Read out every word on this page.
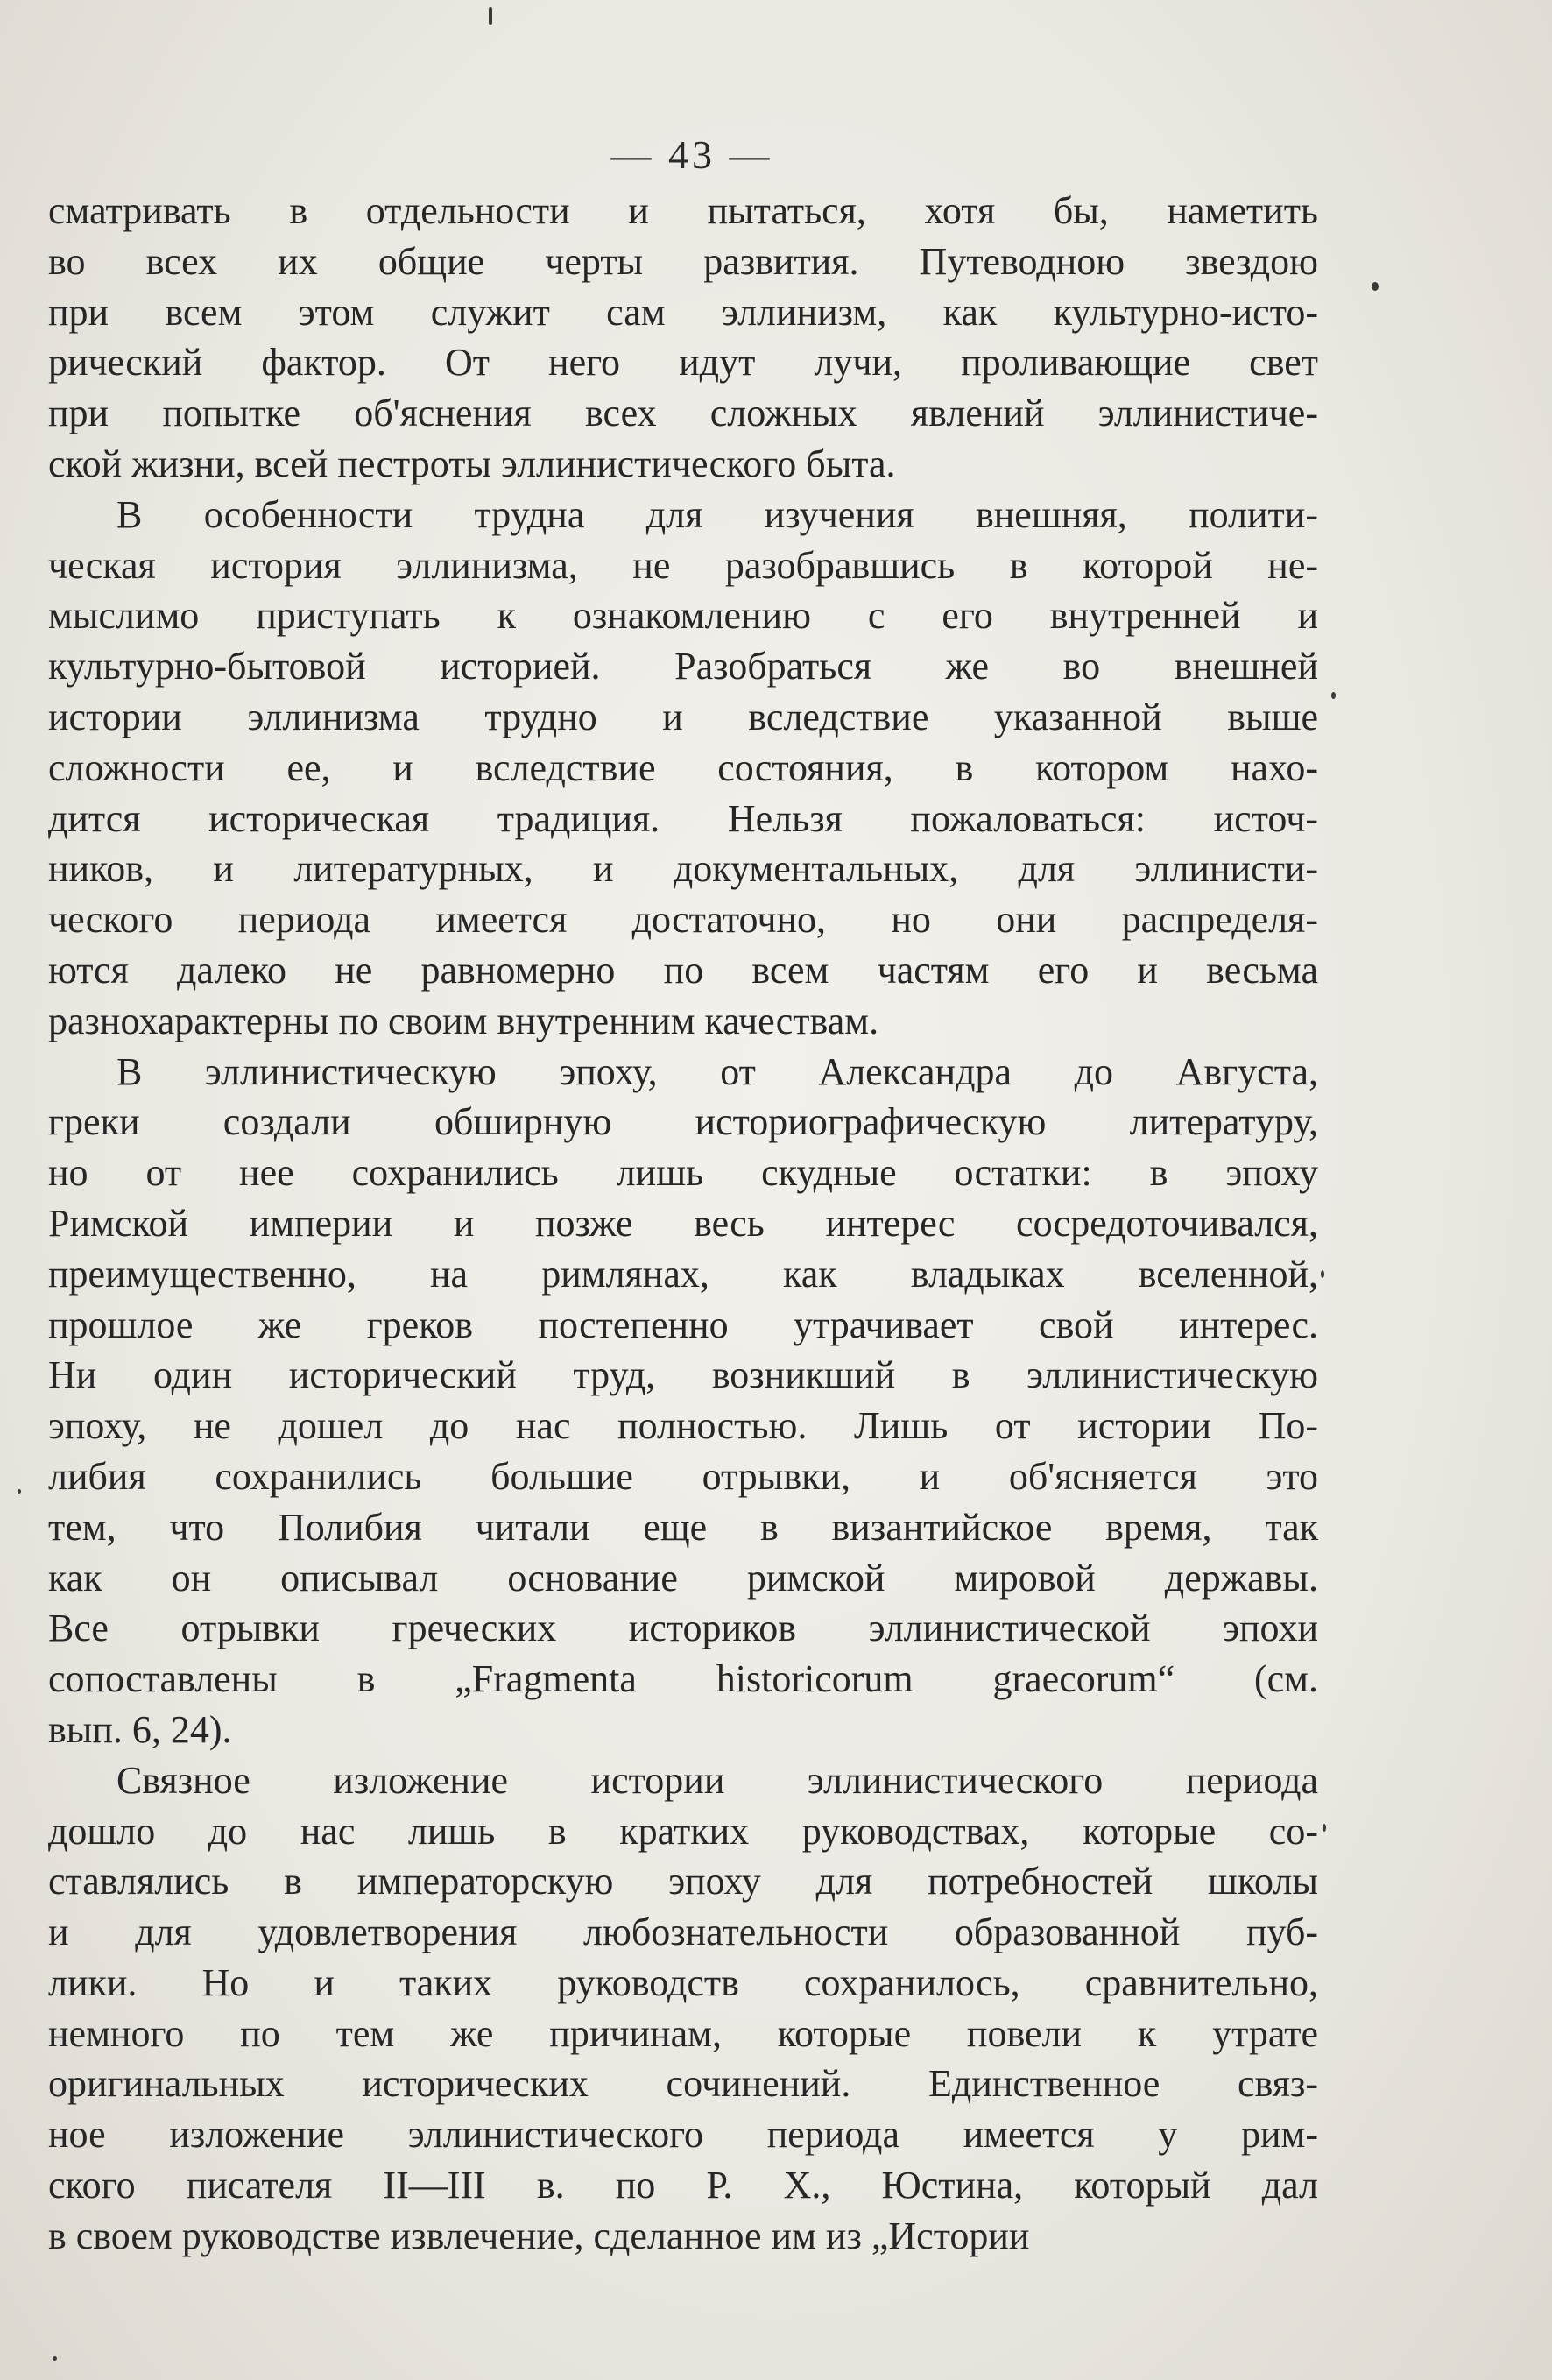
— 43 —
сматривать в отдельности и пытаться, хотя бы, наметить
во всех их общие черты развития. Путеводною звездою
при всем этом служит сам эллинизм, как культурно-исто-
рический фактор. От него идут лучи, проливающие свет
при попытке об'яснения всех сложных явлений эллинистиче-
ской жизни, всей пестроты эллинистического быта.
В особенности трудна для изучения внешняя, полити-
ческая история эллинизма, не разобравшись в которой не-
мыслимо приступать к ознакомлению с его внутренней и
культурно-бытовой историей. Разобраться же во внешней
истории эллинизма трудно и вследствие указанной выше
сложности ее, и вследствие состояния, в котором нахо-
дится историческая традиция. Нельзя пожаловаться: источ-
ников, и литературных, и документальных, для эллинисти-
ческого периода имеется достаточно, но они распределя-
ются далеко не равномерно по всем частям его и весьма
разнохарактерны по своим внутренним качествам.
В эллинистическую эпоху, от Александра до Августа,
греки создали обширную историографическую литературу,
но от нее сохранились лишь скудные остатки: в эпоху
Римской империи и позже весь интерес сосредоточивался,
преимущественно, на римлянах, как владыках вселенной,
прошлое же греков постепенно утрачивает свой интерес.
Ни один исторический труд, возникший в эллинистическую
эпоху, не дошел до нас полностью. Лишь от истории По-
либия сохранились большие отрывки, и об'ясняется это
тем, что Полибия читали еще в византийское время, так
как он описывал основание римской мировой державы.
Все отрывки греческих историков эллинистической эпохи
сопоставлены в „Fragmenta historicorum graecorum“ (см.
вып. 6, 24).
Связное изложение истории эллинистического периода
дошло до нас лишь в кратких руководствах, которые со-
ставлялись в императорскую эпоху для потребностей школы
и для удовлетворения любознательности образованной пуб-
лики. Но и таких руководств сохранилось, сравнительно,
немного по тем же причинам, которые повели к утрате
оригинальных исторических сочинений. Единственное связ-
ное изложение эллинистического периода имеется у рим-
ского писателя II—III в. по Р. Х., Юстина, который дал
в своем руководстве извлечение, сделанное им из „Истории
